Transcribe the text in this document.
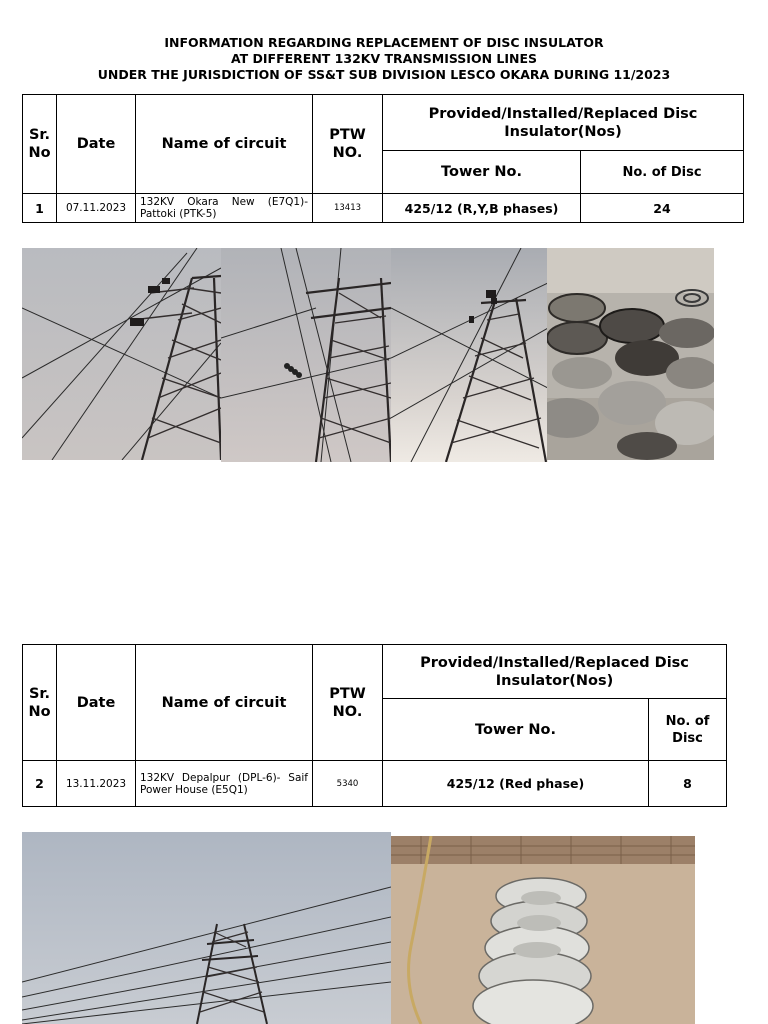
INFORMATION REGARDING REPLACEMENT OF DISC INSULATOR
AT DIFFERENT 132KV TRANSMISSION LINES
UNDER THE JURISDICTION OF SS&T SUB DIVISION LESCO OKARA DURING 11/2023
Sr. No	Date	Name of circuit	PTW NO.	Provided/Installed/Replaced Disc Insulator(Nos)	
				Tower No.	No. of Disc
1	07.11.2023	132KV Okara New (E7Q1)-Pattoki (PTK-5)	13413	425/12 (R,Y,B phases)	24
Sr. No	Date	Name of circuit	PTW NO.	Provided/Installed/Replaced Disc Insulator(Nos)	
				Tower No.	No. of Disc
2	13.11.2023	132KV Depalpur (DPL-6)- Saif Power House (E5Q1)	5340	425/12 (Red phase)	8
